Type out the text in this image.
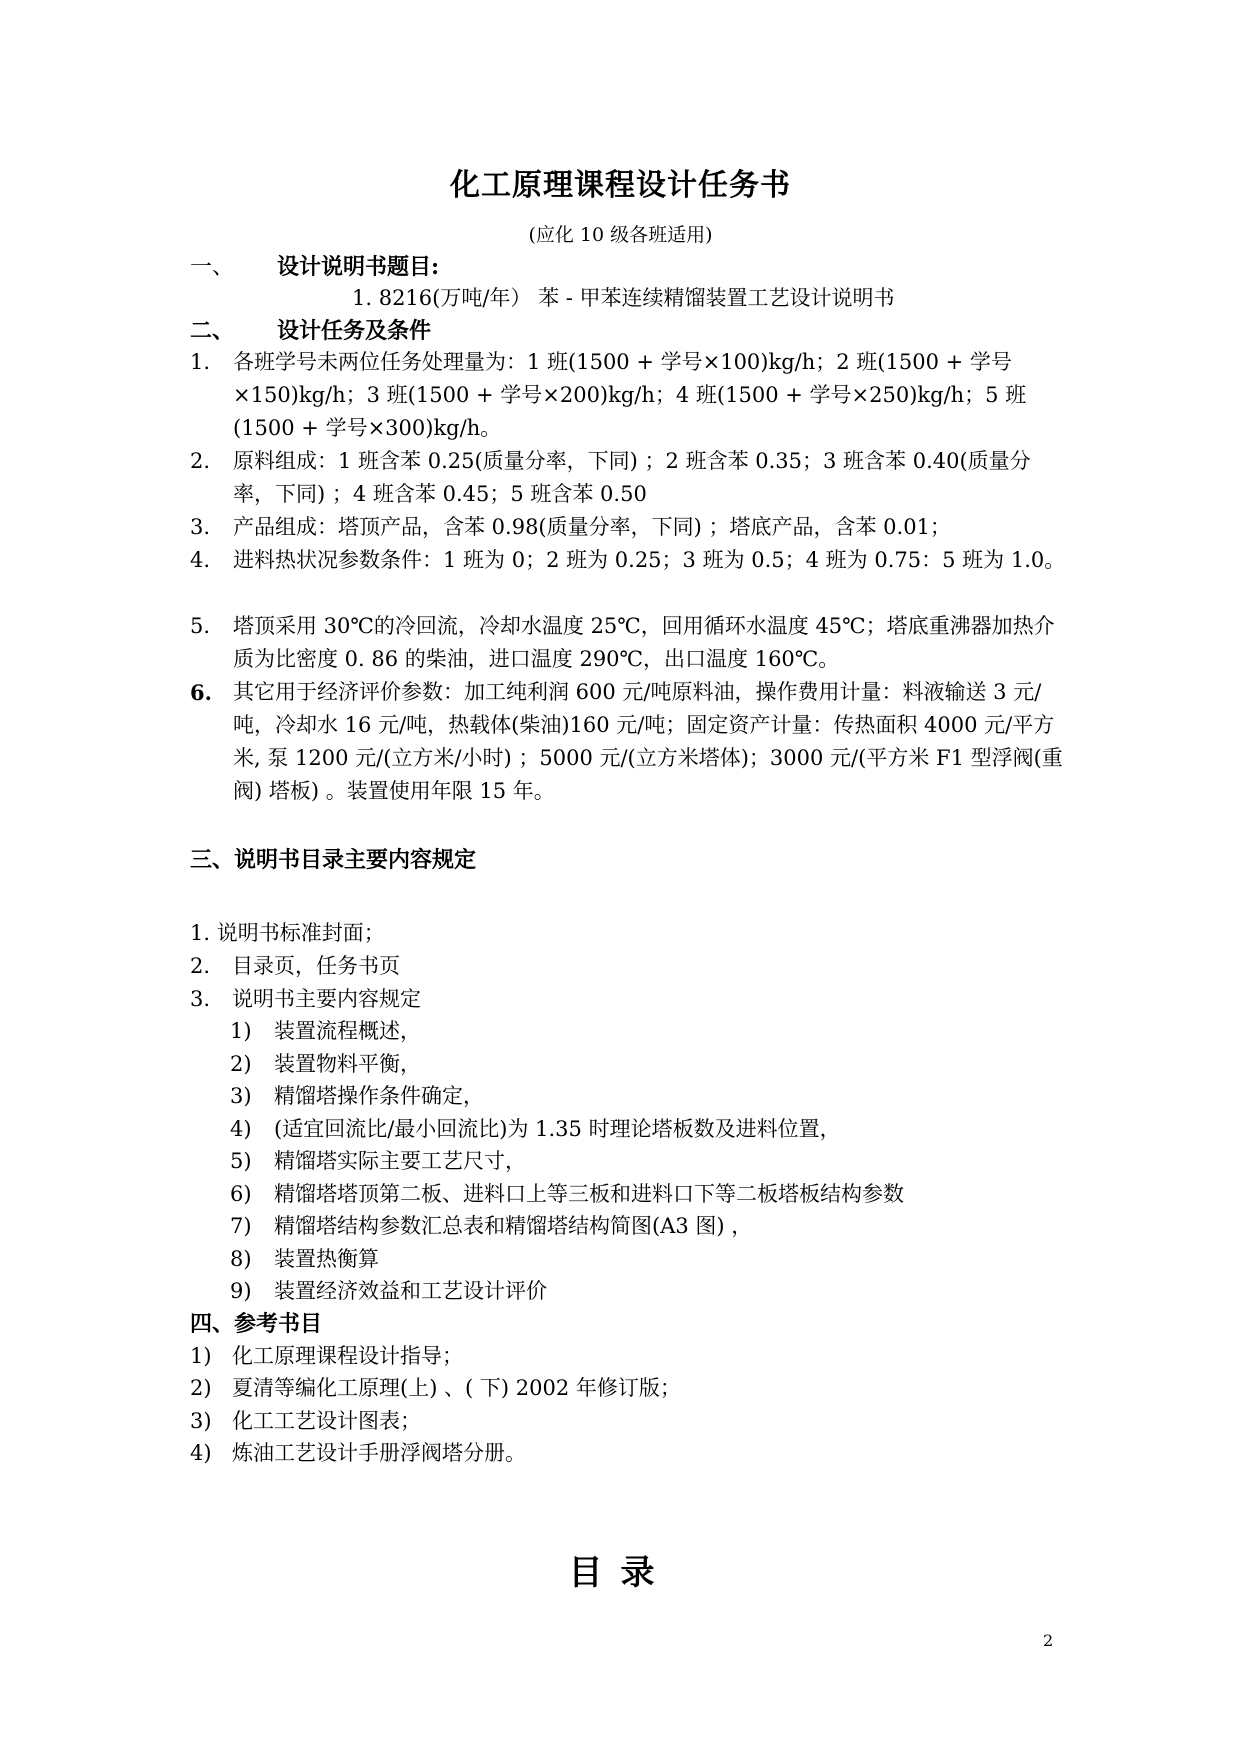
化工原理课程设计任务书
(应化 10 级各班适用)
一、 设计说明书题目:
1. 8216(万吨/年） 苯 - 甲苯连续精馏装置工艺设计说明书
二、 设计任务及条件
1.	各班学号未两位任务处理量为：1 班(1500 + 学号×100)kg/h；2 班(1500 + 学号×150)kg/h；3 班(1500 + 学号×200)kg/h；4 班(1500 + 学号×250)kg/h；5 班(1500 + 学号×300)kg/h。
2.	原料组成：1 班含苯 0.25(质量分率，下同) ；2 班含苯 0.35；3 班含苯 0.40(质量分率，下同) ；4 班含苯 0.45；5 班含苯 0.50
3.	产品组成：塔顶产品，含苯 0.98(质量分率，下同) ；塔底产品，含苯 0.01；
4.	进料热状况参数条件：1 班为 0；2 班为 0.25；3 班为 0.5；4 班为 0.75：5 班为 1.0。
5.	塔顶采用 30℃的冷回流，冷却水温度 25℃，回用循环水温度 45℃；塔底重沸器加热介质为比密度 0. 86 的柴油，进口温度 290℃，出口温度 160℃。
6.	其它用于经济评价参数：加工纯利润 600 元/吨原料油，操作费用计量：料液输送 3 元/吨，冷却水 16 元/吨，热载体(柴油)160 元/吨；固定资产计量：传热面积 4000 元/平方米, 泵 1200 元/(立方米/小时) ；5000 元/(立方米塔体)；3000 元/(平方米 F1 型浮阀(重阀) 塔板) 。装置使用年限 15 年。
三、说明书目录主要内容规定
1. 说明书标准封面；
2. 目录页，任务书页
3. 说明书主要内容规定
1) 装置流程概述，
2) 装置物料平衡，
3) 精馏塔操作条件确定，
4) (适宜回流比/最小回流比)为 1.35 时理论塔板数及进料位置，
5) 精馏塔实际主要工艺尺寸，
6) 精馏塔塔顶第二板、进料口上等三板和进料口下等二板塔板结构参数
7) 精馏塔结构参数汇总表和精馏塔结构简图(A3 图) ，
8) 装置热衡算
9) 装置经济效益和工艺设计评价
四、参考书目
1) 化工原理课程设计指导；
2) 夏清等编化工原理(上) 、( 下) 2002 年修订版；
3) 化工工艺设计图表；
4) 炼油工艺设计手册浮阀塔分册。
目录
2
